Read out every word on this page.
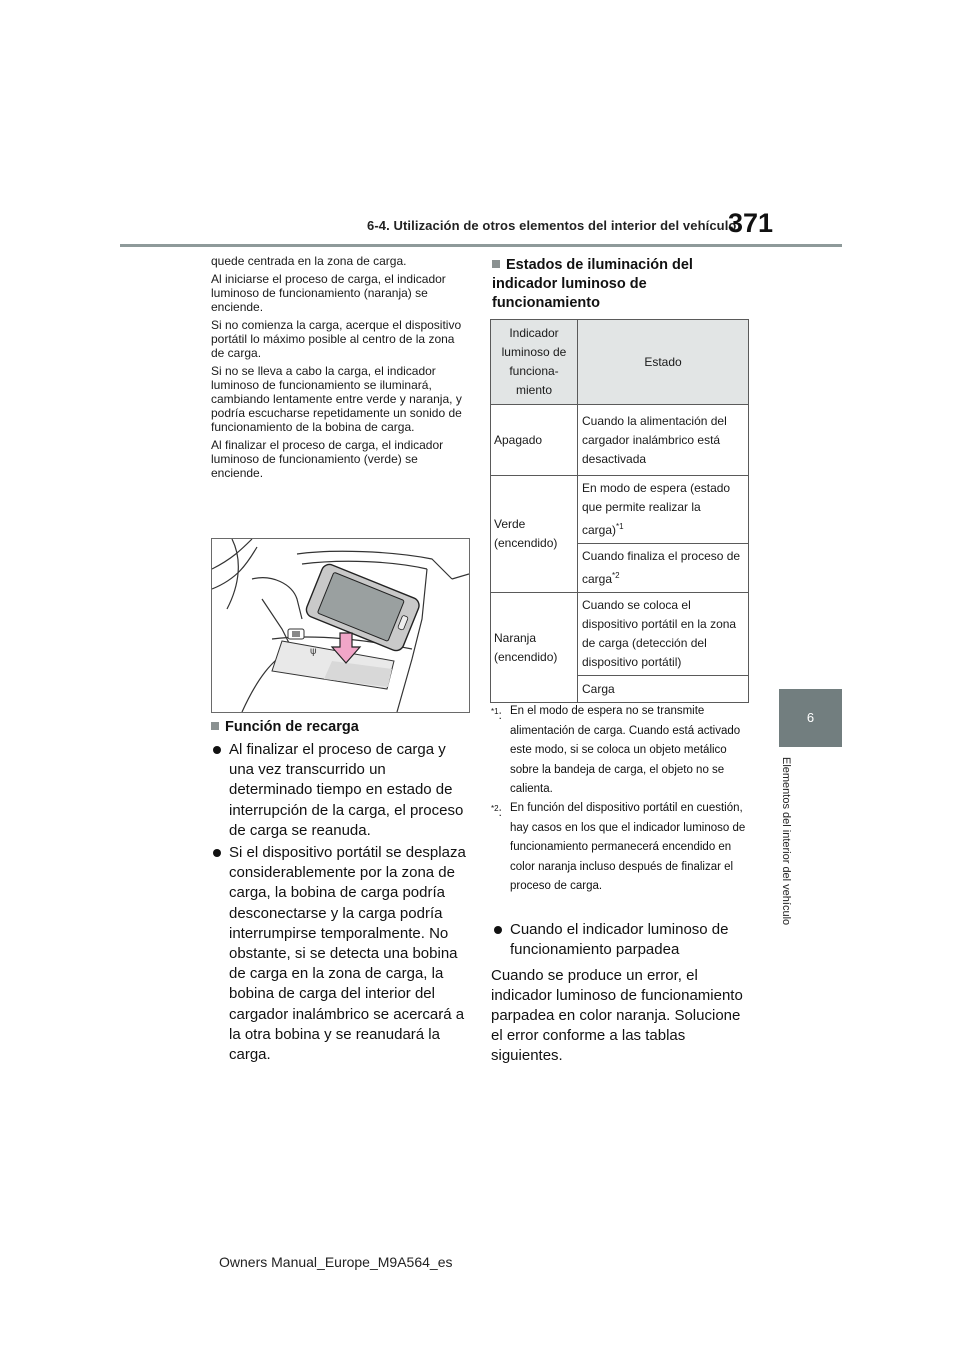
6-4. Utilización de otros elementos del interior del vehículo
371
6
Elementos del interior del vehículo

quede centrada en la zona de carga.

Al iniciarse el proceso de carga, el indicador luminoso de funcionamiento (naranja) se enciende.

Si no comienza la carga, acerque el dispositivo portátil lo máximo posible al centro de la zona de carga.

Si no se lleva a cabo la carga, el indicador luminoso de funcionamiento se iluminará, cambiando lentamente entre verde y naranja, y podría escucharse repetidamente un sonido de funcionamiento de la bobina de carga.

Al finalizar el proceso de carga, el indicador luminoso de funcionamiento (verde) se enciende.

ψ
Función de recarga
Al finalizar el proceso de carga y una vez transcurrido un determinado tiempo en estado de interrupción de la carga, el proceso de carga se reanuda.
Si el dispositivo portátil se desplaza considerablemente por la zona de carga, la bobina de carga podría desconectarse y la carga podría interrumpirse temporalmente. No obstante, si se detecta una bobina de carga en la zona de carga, la bobina de carga del interior del cargador inalámbrico se acercará a la otra bobina y se reanudará la carga.
Estados de iluminación del indicador luminoso de funcionamiento
Indicador luminoso de funciona-miento	Estado
Apagado	Cuando la alimentación del cargador inalámbrico está desactivada
Verde (encendido)	En modo de espera (estado que permite realizar la carga)$^{*1}$
	Cuando finaliza el proceso de carga$^{*2}$
Naranja (encendido)	Cuando se coloca el dispositivo portátil en la zona de carga (detección del dispositivo portátil)
	Carga
$^{*1}$: En el modo de espera no se transmite alimentación de carga. Cuando está activado este modo, si se coloca un objeto metálico sobre la bandeja de carga, el objeto no se calienta.
$^{*2}$: En función del dispositivo portátil en cuestión, hay casos en los que el indicador luminoso de funcionamiento permanecerá encendido en color naranja incluso después de finalizar el proceso de carga.
Cuando el indicador luminoso de funcionamiento parpadea
Cuando se produce un error, el indicador luminoso de funcionamiento parpadea en color naranja. Solucione el error conforme a las tablas siguientes.
Owners Manual_Europe_M9A564_es
